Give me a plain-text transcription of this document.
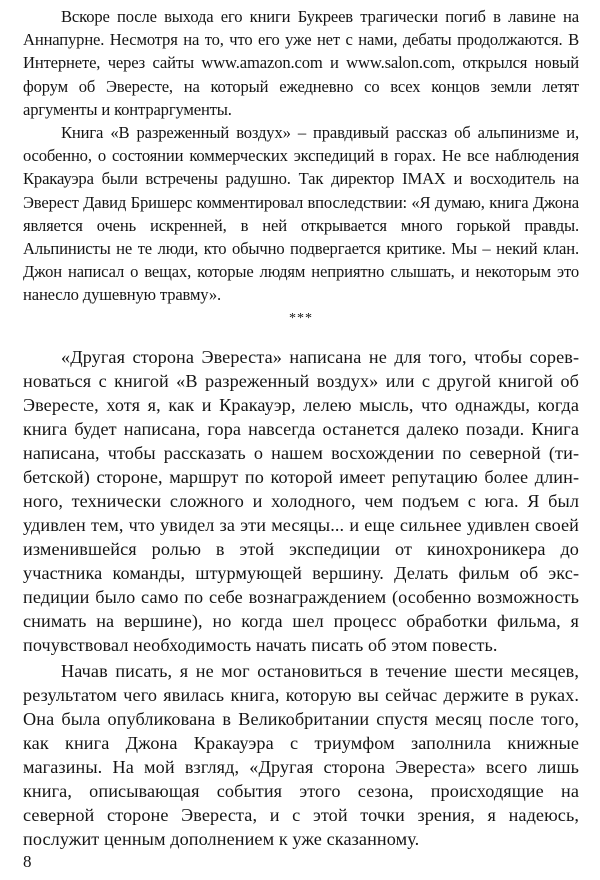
Вскоре после выхода его книги Букреев трагически погиб в лавине на Аннапурне. Несмотря на то, что его уже нет с нами, дебаты продолжаются. В Интернете, через сайты www.amazon.com и www.salon.com, открылся новый форум об Эвересте, на который ежедневно со всех концов земли летят аргументы и контраргументы.

Книга «В разреженный воздух» – правдивый рассказ об альпинизме и, особенно, о состоянии коммерческих экспедиций в горах. Не все наблюдения Кракауэра были встречены радушно. Так директор IMAX и восходитель на Эверест Давид Бришерс комментировал впоследствии: «Я думаю, книга Джона является очень искренней, в ней открывается много горькой правды. Альпинисты не те люди, кто обычно подвергается критике. Мы – некий клан. Джон написал о вещах, которые людям неприятно слышать, и некоторым это нанесло душевную травму».

***

«Другая сторона Эвереста» написана не для того, чтобы соревноваться с книгой «В разреженный воздух» или с другой книгой об Эвересте, хотя я, как и Кракауэр, лелею мысль, что однажды, когда книга будет написана, гора навсегда останется далеко позади. Книга написана, чтобы рассказать о нашем восхождении по северной (тибетской) стороне, маршрут по которой имеет репутацию более длинного, технически сложного и холодного, чем подъем с юга. Я был удивлен тем, что увидел за эти месяцы... и еще сильнее удивлен своей изменившейся ролью в этой экспедиции от кинохроникера до участника команды, штурмующей вершину. Делать фильм об экспедиции было само по себе вознаграждением (особенно возможность снимать на вершине), но когда шел процесс обработки фильма, я почувствовал необходимость начать писать об этом повесть.

Начав писать, я не мог остановиться в течение шести месяцев, результатом чего явилась книга, которую вы сейчас держите в руках. Она была опубликована в Великобритании спустя месяц после того, как книга Джона Кракауэра с триумфом заполнила книжные магазины. На мой взгляд, «Другая сторона Эвереста» всего лишь книга, описывающая события этого сезона, происходящие на северной стороне Эвереста, и с этой точки зрения, я надеюсь, послужит ценным дополнением к уже сказанному.

8
